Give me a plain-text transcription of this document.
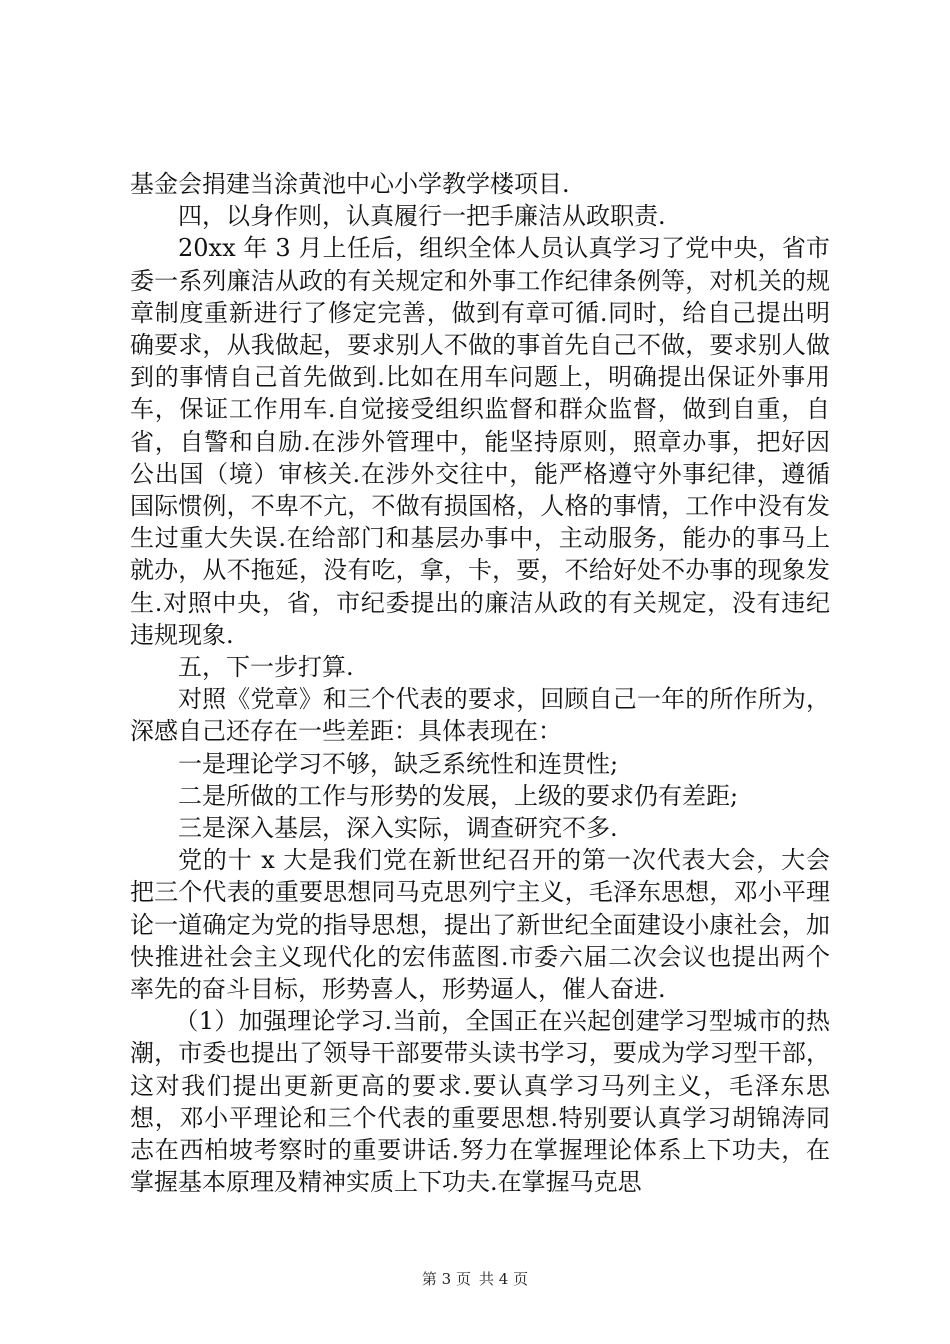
基金会捐建当涂黄池中心小学教学楼项目.

四，以身作则，认真履行一把手廉洁从政职责.

20xx 年 3 月上任后，组织全体人员认真学习了党中央，省市委一系列廉洁从政的有关规定和外事工作纪律条例等，对机关的规章制度重新进行了修定完善，做到有章可循.同时，给自己提出明确要求，从我做起，要求别人不做的事首先自己不做，要求别人做到的事情自己首先做到.比如在用车问题上，明确提出保证外事用车，保证工作用车.自觉接受组织监督和群众监督，做到自重，自省，自警和自励.在涉外管理中，能坚持原则，照章办事，把好因公出国（境）审核关.在涉外交往中，能严格遵守外事纪律，遵循国际惯例，不卑不亢，不做有损国格，人格的事情，工作中没有发生过重大失误.在给部门和基层办事中，主动服务，能办的事马上就办，从不拖延，没有吃，拿，卡，要，不给好处不办事的现象发生.对照中央，省，市纪委提出的廉洁从政的有关规定，没有违纪违规现象.

五，下一步打算.

对照《党章》和三个代表的要求，回顾自己一年的所作所为，深感自己还存在一些差距：具体表现在：

一是理论学习不够，缺乏系统性和连贯性;

二是所做的工作与形势的发展，上级的要求仍有差距;

三是深入基层，深入实际，调查研究不多.

党的十 x 大是我们党在新世纪召开的第一次代表大会，大会把三个代表的重要思想同马克思列宁主义，毛泽东思想，邓小平理论一道确定为党的指导思想，提出了新世纪全面建设小康社会，加快推进社会主义现代化的宏伟蓝图.市委六届二次会议也提出两个率先的奋斗目标，形势喜人，形势逼人，催人奋进.

（1）加强理论学习.当前，全国正在兴起创建学习型城市的热潮，市委也提出了领导干部要带头读书学习，要成为学习型干部，这对我们提出更新更高的要求.要认真学习马列主义，毛泽东思想，邓小平理论和三个代表的重要思想.特别要认真学习胡锦涛同志在西柏坡考察时的重要讲话.努力在掌握理论体系上下功夫，在掌握基本原理及精神实质上下功夫.在掌握马克思

第 3 页 共 4 页
